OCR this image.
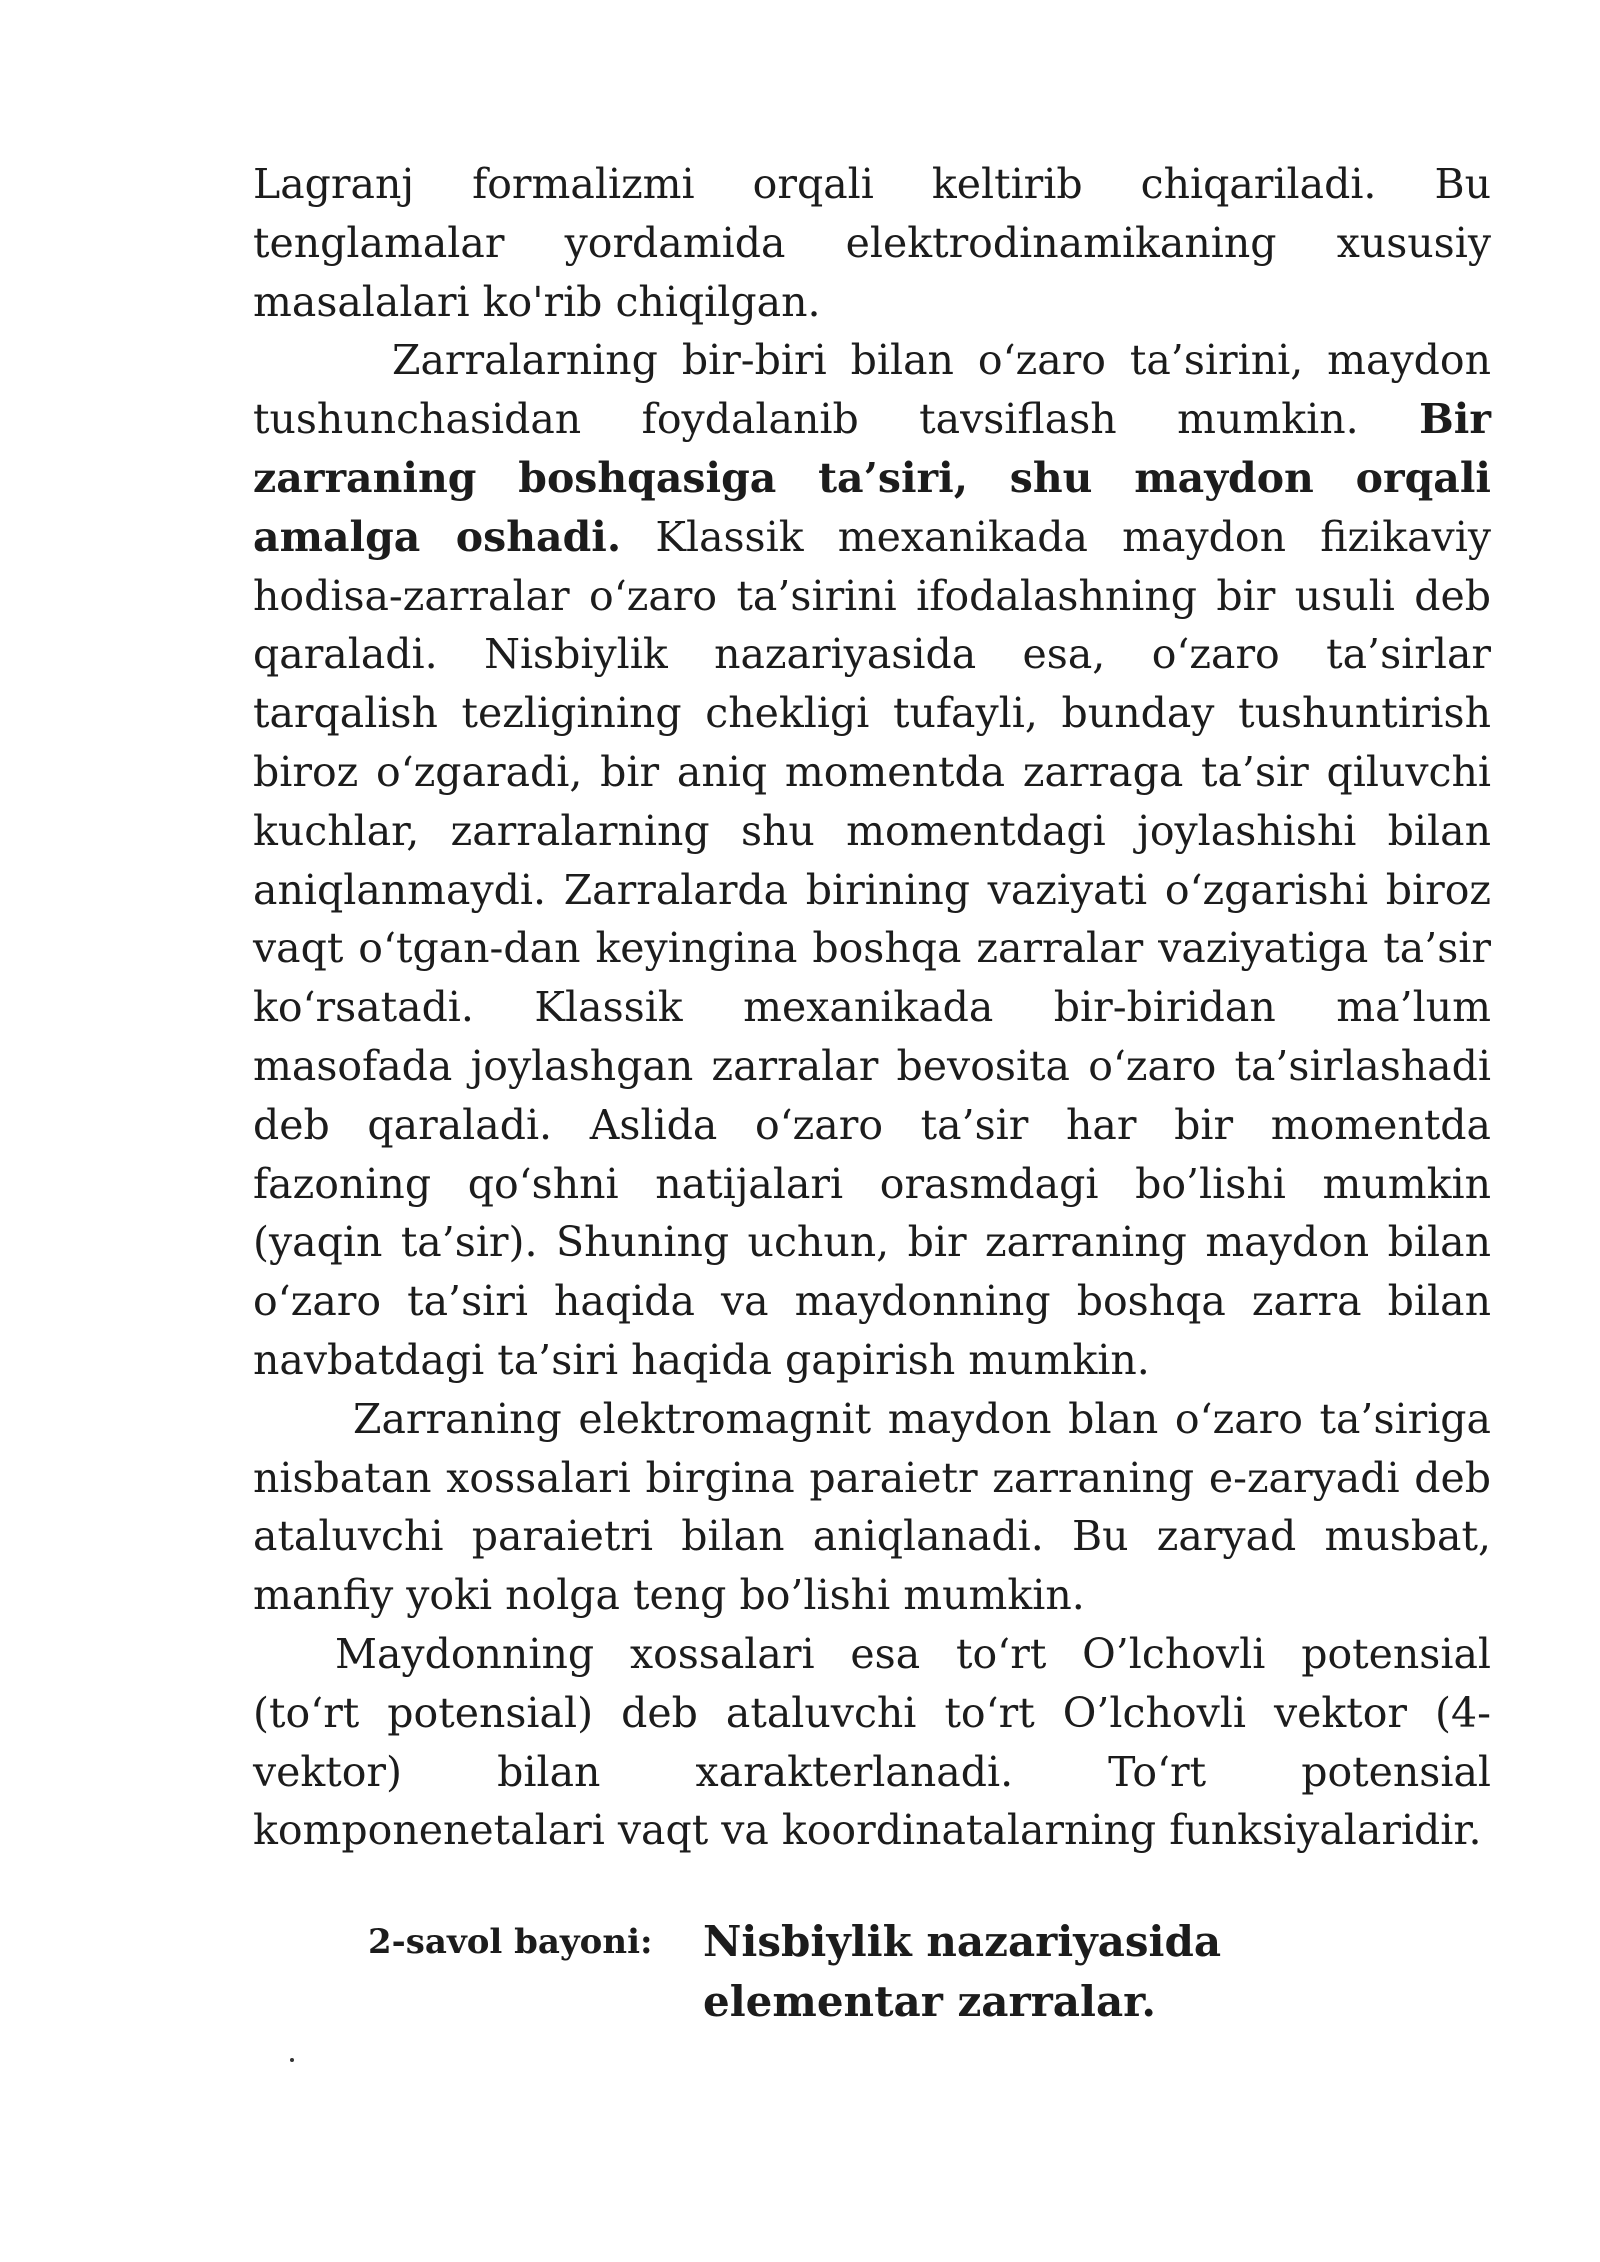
Lagranj formalizmi orqali keltirib chiqariladi. Bu tenglamalar yordamida elektrodinamikaning xususiy masalalari ko'rib chiqilgan.

Zarralarning bir-biri bilan o‘zaro ta’sirini, maydon tushunchasidan foydalanib tavsiflash mumkin. Bir zarraning boshqasiga ta’siri, shu maydon orqali amalga oshadi. Klassik mexanikada maydon fizikaviy hodisa-zarralar o‘zaro ta’sirini ifodalashning bir usuli deb qaraladi. Nisbiylik nazariyasida esa, o‘zaro ta’sirlar tarqalish tezligining chekligi tufayli, bunday tushuntirish biroz o‘zgaradi, bir aniq momentda zarraga ta’sir qiluvchi kuchlar, zarralarning shu momentdagi joylashishi bilan aniqlanmaydi. Zarralarda birining vaziyati o‘zgarishi biroz vaqt o‘tgan-dan keyingina boshqa zarralar vaziyatiga ta’sir ko‘rsatadi. Klassik mexanikada bir-biridan ma’lum masofada joylashgan zarralar bevosita o‘zaro ta’sirlashadi deb qaraladi. Aslida o‘zaro ta’sir har bir momentda fazoning qo‘shni natijalari orasmdagi bo’lishi mumkin (yaqin ta’sir). Shuning uchun, bir zarraning maydon bilan o‘zaro ta’siri haqida va maydonning boshqa zarra bilan navbatdagi ta’siri haqida gapirish mumkin.

Zarraning elektromagnit maydon blan o‘zaro ta’siriga nisbatan xossalari birgina paraietr zarraning e-zaryadi deb ataluvchi paraietri bilan aniqlanadi. Bu zaryad musbat, manfiy yoki nolga teng bo’lishi mumkin.

Maydonning xossalari esa to‘rt O’lchovli potensial (to‘rt potensial) deb ataluvchi to‘rt O’lchovli vektor (4- vektor) bilan xarakterlanadi. To‘rt potensial komponenetalari vaqt va koordinatalarning funksiyalaridir.

2-savol bayoni: Nisbiylik nazariyasida
elementar zarralar.
